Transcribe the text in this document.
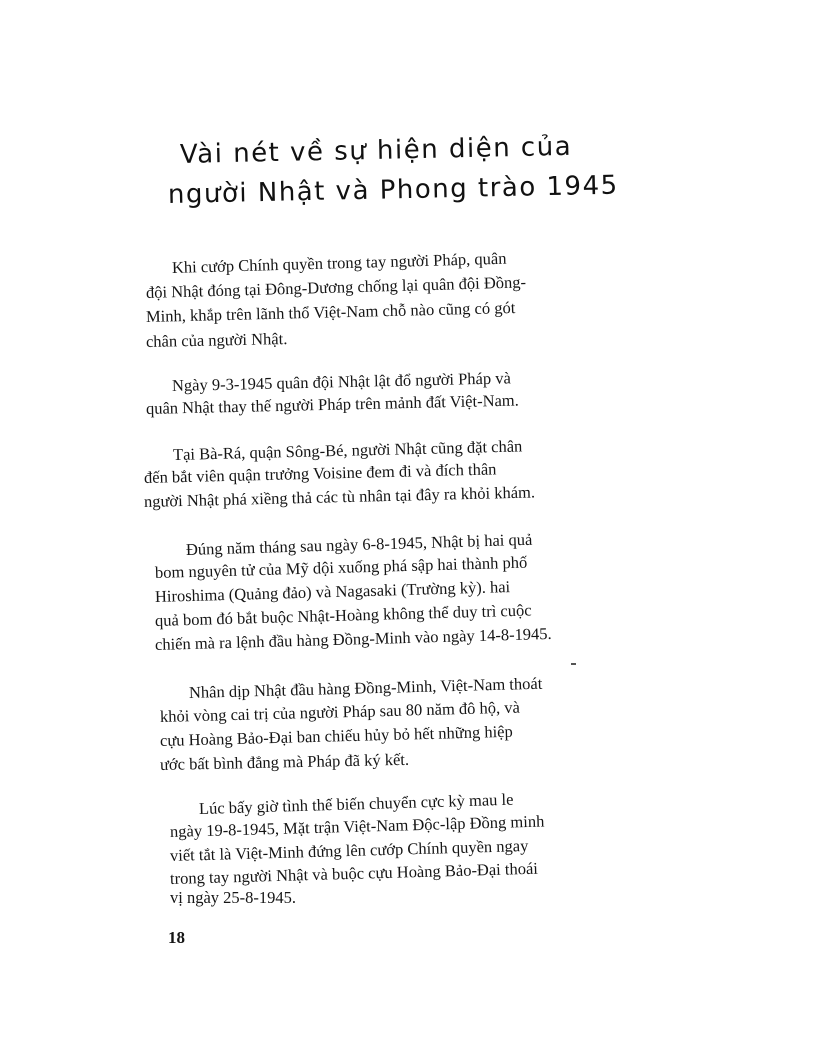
Vài nét về sự hiện diện của
người Nhật và Phong trào 1945
Khi cướp Chính quyền trong tay người Pháp, quân
đội Nhật đóng tại Đông-Dương chống lại quân đội Đồng-
Minh, khắp trên lãnh thổ Việt-Nam chỗ nào cũng có gót
chân của người Nhật.
Ngày 9-3-1945 quân đội Nhật lật đổ người Pháp và
quân Nhật thay thế người Pháp trên mảnh đất Việt-Nam.
Tại Bà-Rá, quận Sông-Bé, người Nhật cũng đặt chân
đến bắt viên quận trưởng Voisine đem đi và đích thân
người Nhật phá xiềng thả các tù nhân tại đây ra khỏi khám.
Đúng năm tháng sau ngày 6-8-1945, Nhật bị hai quả
bom nguyên tử của Mỹ dội xuống phá sập hai thành phố
Hiroshima (Quảng đảo) và Nagasaki (Trường kỳ). hai
quả bom đó bắt buộc Nhật-Hoàng không thể duy trì cuộc
chiến mà ra lệnh đầu hàng Đồng-Minh vào ngày 14-8-1945.
Nhân dịp Nhật đầu hàng Đồng-Minh, Việt-Nam thoát
khỏi vòng cai trị của người Pháp sau 80 năm đô hộ, và
cựu Hoàng Bảo-Đại ban chiếu hủy bỏ hết những hiệp
ước bất bình đẳng mà Pháp đã ký kết.
Lúc bấy giờ tình thế biến chuyển cực kỳ mau le
ngày 19-8-1945, Mặt trận Việt-Nam Độc-lập Đồng minh
viết tắt là Việt-Minh đứng lên cướp Chính quyền ngay
trong tay người Nhật và buộc cựu Hoàng Bảo-Đại thoái
vị ngày 25-8-1945.
18
